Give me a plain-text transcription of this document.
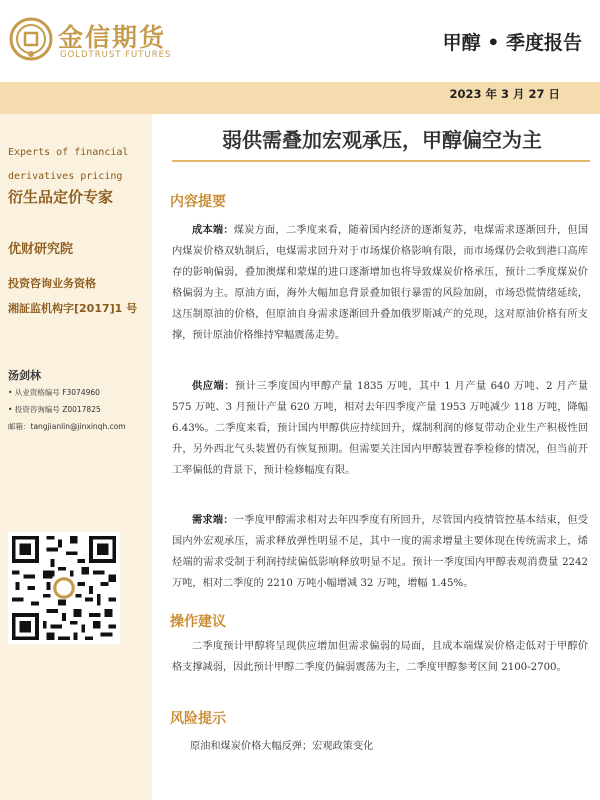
金信期货
GOLDTRUST FUTURES
甲醇 • 季度报告
2023 年 3 月 27 日
Experts of financial
derivatives pricing
衍生品定价专家
优财研究院
投资咨询业务资格
湘証监机构字[2017]1 号
汤剑林
• 从业资格编号 F3074960
• 投资咨询编号 Z0017825
邮箱：tangjianlin@jinxinqh.com
弱供需叠加宏观承压，甲醇偏空为主
内容提要
成本端：煤炭方面，二季度来看，随着国内经济的逐渐复苏，电煤需求逐渐回升，但国内煤炭价格双轨制后，电煤需求回升对于市场煤价格影响有限，而市场煤仍会收到港口高库存的影响偏弱，叠加澳煤和蒙煤的进口逐渐增加也将导致煤炭价格承压，预计二季度煤炭价格偏弱为主。原油方面，海外大幅加息背景叠加银行暴雷的风险加剧，市场恐慌情绪延续，这压制原油的价格，但原油自身需求逐渐回升叠加俄罗斯减产的兑现，这对原油价格有所支撑，预计原油价格维持窄幅震荡走势。
供应端：预计三季度国内甲醇产量 1835 万吨，其中 1 月产量 640 万吨、2 月产量 575 万吨、3 月预计产量 620 万吨，相对去年四季度产量 1953 万吨减少 118 万吨，降幅 6.43%。二季度来看，预计国内甲醇供应持续回升，煤制利润的修复带动企业生产积极性回升，另外西北气头装置仍有恢复预期。但需要关注国内甲醇装置春季检修的情况，但当前开工率偏低的背景下，预计检修幅度有限。
需求端：一季度甲醇需求相对去年四季度有所回升，尽管国内疫情管控基本结束，但受国内外宏观承压，需求释放弹性明显不足，其中一度的需求增量主要体现在传统需求上，烯烃端的需求受制于利润持续偏低影响释放明显不足。预计一季度国内甲醇表观消费量 2242 万吨，相对二季度的 2210 万吨小幅增减 32 万吨，增幅 1.45%。
操作建议
二季度预计甲醇将呈现供应增加但需求偏弱的局面，且成本端煤炭价格走低对于甲醇价格支撑减弱，因此预计甲醇二季度仍偏弱震荡为主，二季度甲醇参考区间 2100-2700。
风险提示
原油和煤炭价格大幅反弹；宏观政策变化
